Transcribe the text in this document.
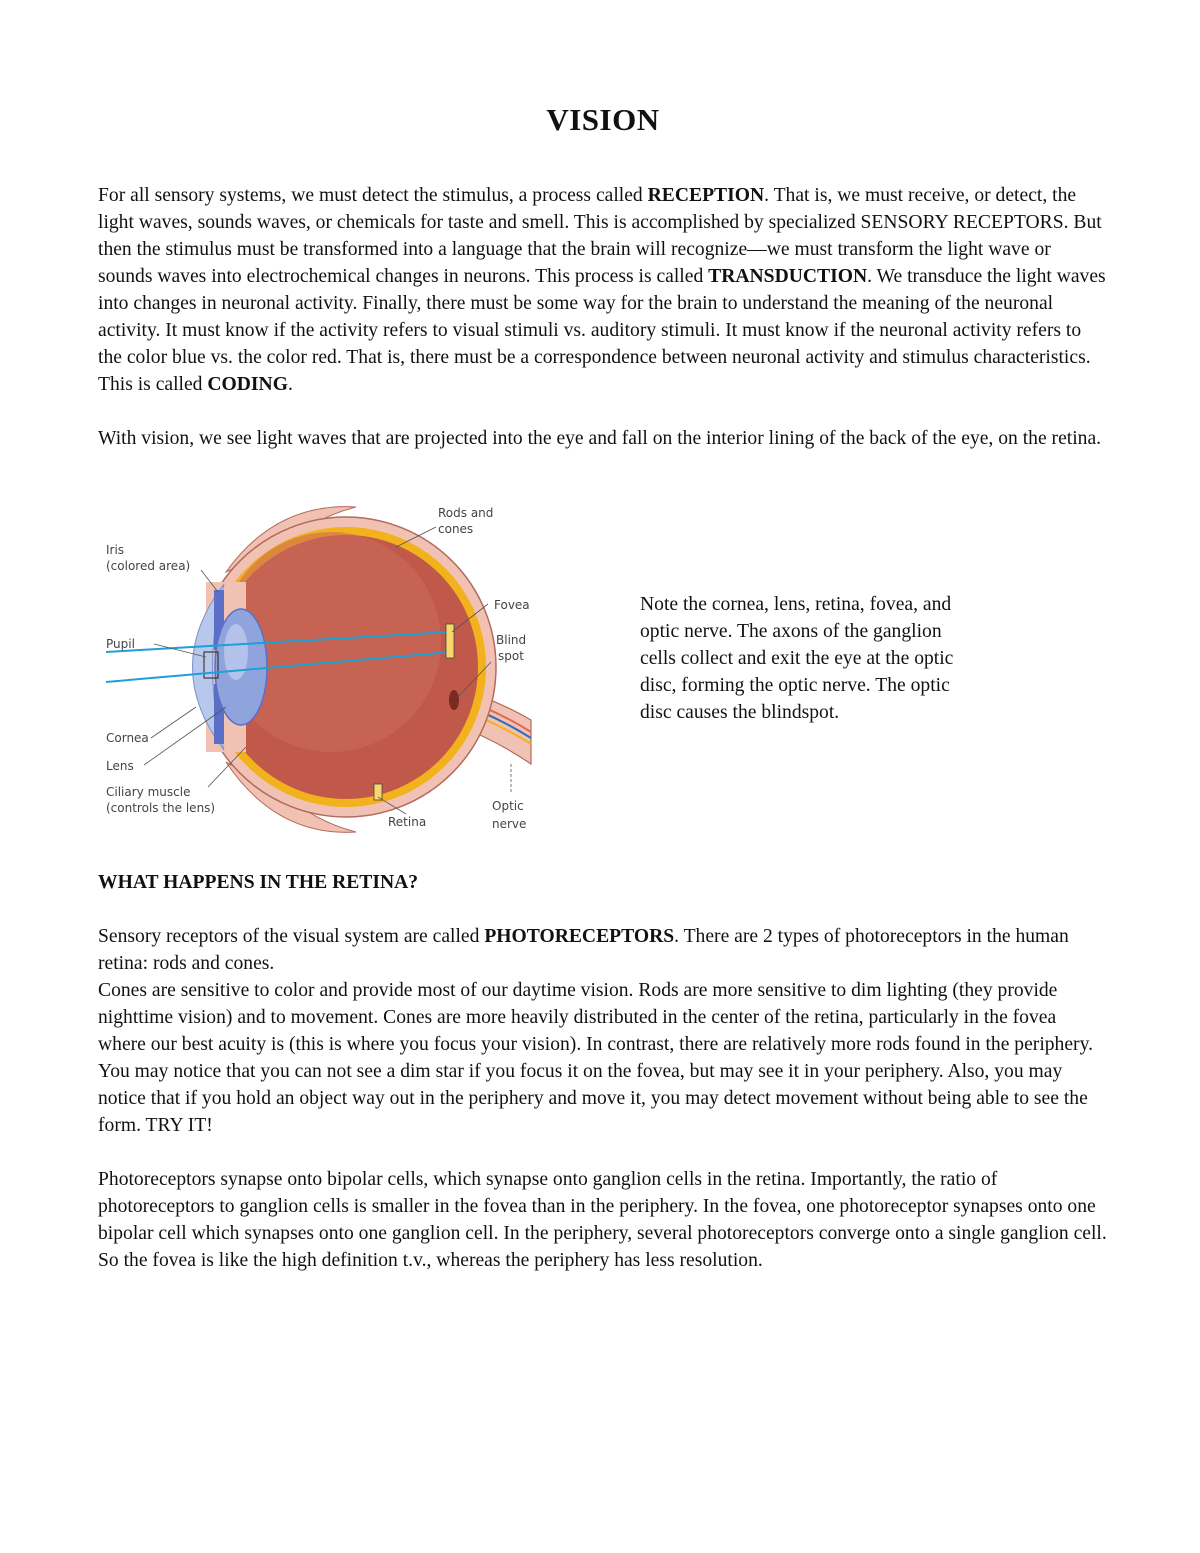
VISION

For all sensory systems, we must detect the stimulus, a process called RECEPTION. That is, we must receive, or detect, the light waves, sounds waves, or chemicals for taste and smell. This is accomplished by specialized SENSORY RECEPTORS. But then the stimulus must be transformed into a language that the brain will recognize—we must transform the light wave or sounds waves into electrochemical changes in neurons. This process is called TRANSDUCTION. We transduce the light waves into changes in neuronal activity. Finally, there must be some way for the brain to understand the meaning of the neuronal activity. It must know if the activity refers to visual stimuli vs. auditory stimuli. It must know if the neuronal activity refers to the color blue vs. the color red. That is, there must be a correspondence between neuronal activity and stimulus characteristics. This is called CODING.

With vision, we see light waves that are projected into the eye and fall on the interior lining of the back of the eye, on the retina.

Rods and
cones
Iris
(colored area)
Fovea
Blind
spot
Pupil
Cornea
Lens
Ciliary muscle
(controls the lens)
Retina
Optic
nerve

Note the cornea, lens, retina, fovea, and optic nerve. The axons of the ganglion cells collect and exit the eye at the optic disc, forming the optic nerve. The optic disc causes the blindspot.

WHAT HAPPENS IN THE RETINA?

Sensory receptors of the visual system are called PHOTORECEPTORS. There are 2 types of photoreceptors in the human retina: rods and cones.

Cones are sensitive to color and provide most of our daytime vision. Rods are more sensitive to dim lighting (they provide nighttime vision) and to movement. Cones are more heavily distributed in the center of the retina, particularly in the fovea where our best acuity is (this is where you focus your vision). In contrast, there are relatively more rods found in the periphery. You may notice that you can not see a dim star if you focus it on the fovea, but may see it in your periphery. Also, you may notice that if you hold an object way out in the periphery and move it, you may detect movement without being able to see the form. TRY IT!

Photoreceptors synapse onto bipolar cells, which synapse onto ganglion cells in the retina. Importantly, the ratio of photoreceptors to ganglion cells is smaller in the fovea than in the periphery. In the fovea, one photoreceptor synapses onto one bipolar cell which synapses onto one ganglion cell. In the periphery, several photoreceptors converge onto a single ganglion cell. So the fovea is like the high definition t.v., whereas the periphery has less resolution.
